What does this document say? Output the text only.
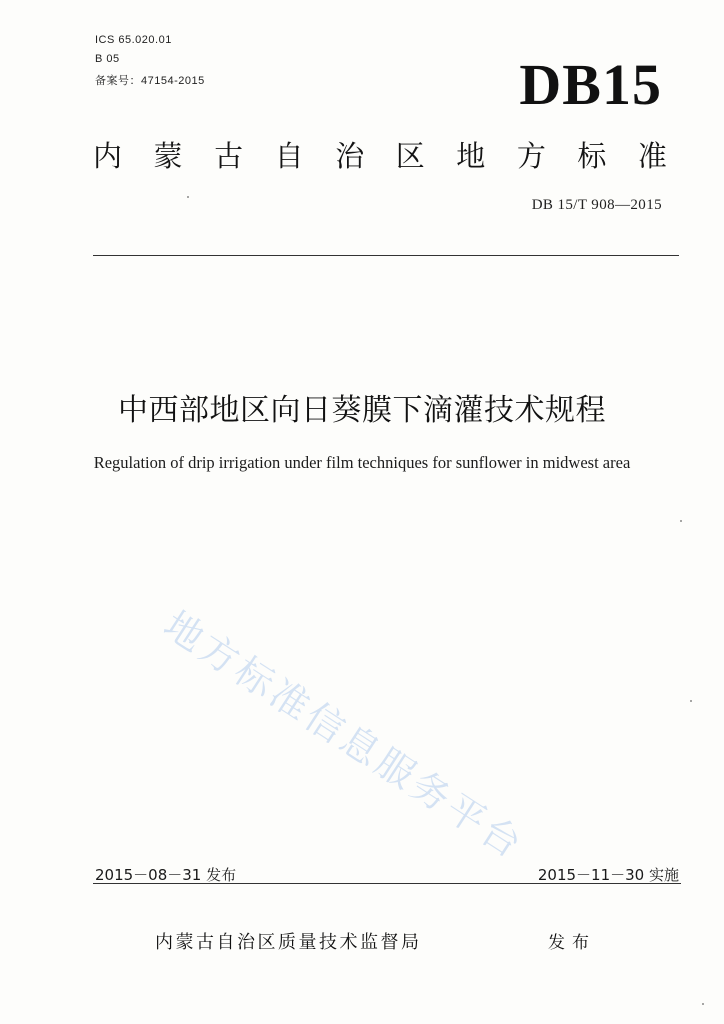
ICS 65.020.01
B 05
备案号：47154-2015	DB15
内 蒙 古 自 治 区 地 方 标 准
DB 15/T 908—2015
中西部地区向日葵膜下滴灌技术规程
Regulation of drip irrigation under film techniques for sunflower in midwest area
地方标准信息服务平台
2015－08－31 发布	2015－11－30 实施
内蒙古自治区质量技术监督局	发布
